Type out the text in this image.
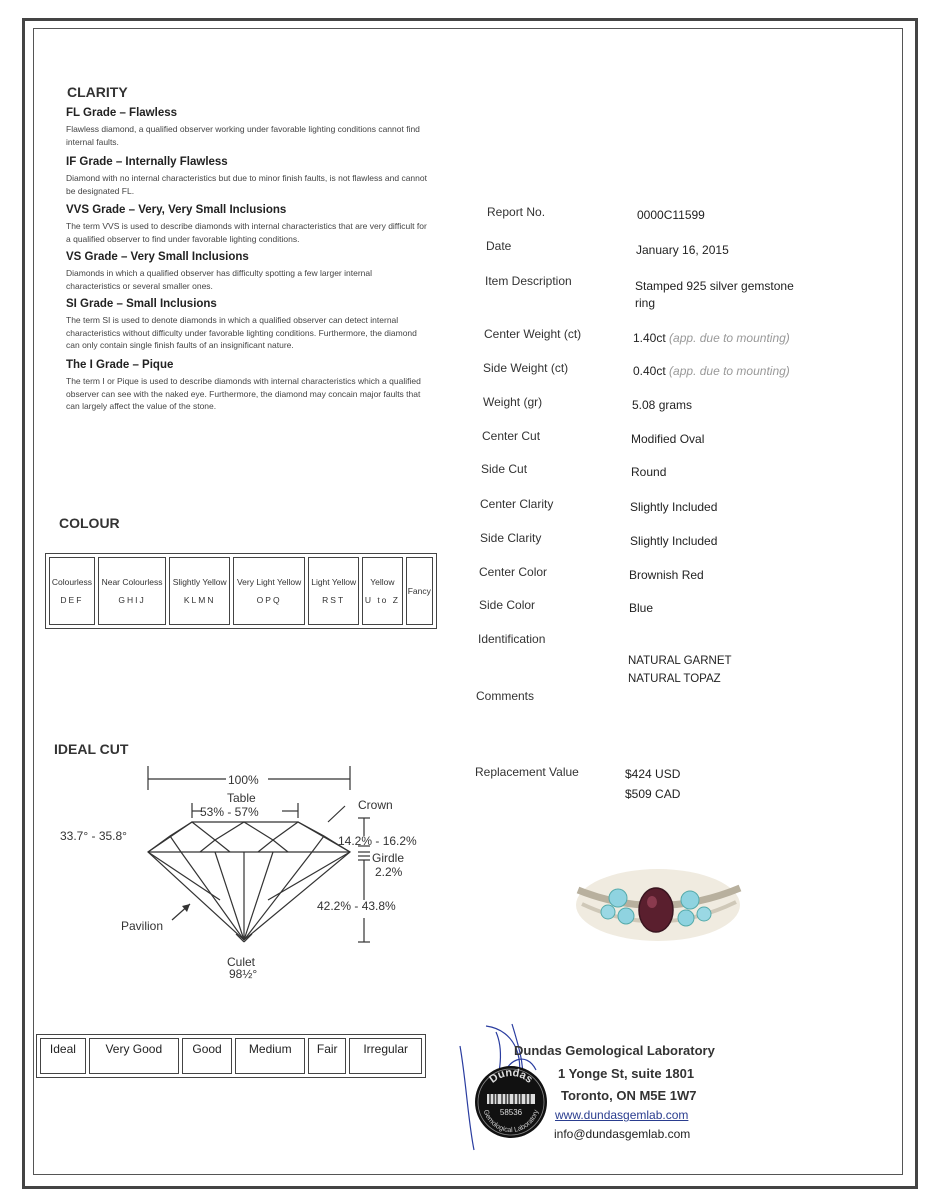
CLARITY
FL Grade – Flawless
Flawless diamond, a qualified observer working under favorable lighting conditions cannot find internal faults.
IF Grade – Internally Flawless
Diamond with no internal characteristics but due to minor finish faults, is not flawless and cannot be designated FL.
VVS Grade – Very, Very Small Inclusions
The term VVS is used to describe diamonds with internal characteristics that are very difficult for a qualified observer to find under favorable lighting conditions.
VS Grade – Very Small Inclusions
Diamonds in which a qualified observer has difficulty spotting a few larger internal characteristics or several smaller ones.
SI Grade – Small Inclusions
The term SI is used to denote diamonds in which a qualified observer can detect internal characteristics without difficulty under favorable lighting conditions. Furthermore, the diamond can only contain single finish faults of an insignificant nature.
The I Grade – Pique
The term I or Pique is used to describe diamonds with internal characteristics which a qualified observer can see with the naked eye. Furthermore, the diamond may concain major faults that can largely affect the value of the stone.
COLOUR
Colourless
DEF

Near Colourless
GHIJ

Slightly Yellow
KLMN

Very Light Yellow
OPQ

Light Yellow
RST

Yellow
U to Z

Fancy
IDEAL CUT
100%
Table
53% - 57%	Crown
33.7° - 35.8°	14.2% - 16.2%
Girdle
2.2%
42.2% - 43.8%
Pavilion
Culet
98½°
Ideal	Very Good	Good	Medium	Fair	Irregular
Report No.	0000C11599
Date	January 16, 2015
Item Description	Stamped 925 silver gemstone ring
Center Weight (ct)	1.40ct (app. due to mounting)
Side Weight (ct)	0.40ct (app. due to mounting)
Weight (gr)	5.08 grams
Center Cut	Modified Oval
Side Cut	Round
Center Clarity	Slightly Included
Side Clarity	Slightly Included
Center Color	Brownish Red
Side Color	Blue
Identification
NATURAL GARNET
NATURAL TOPAZ
Comments
Replacement Value	$424 USD
$509 CAD
Dundas
58536
Gemological Laboratory
Dundas Gemological Laboratory
1 Yonge St, suite 1801
Toronto, ON M5E 1W7
www.dundasgemlab.com
info@dundasgemlab.com
